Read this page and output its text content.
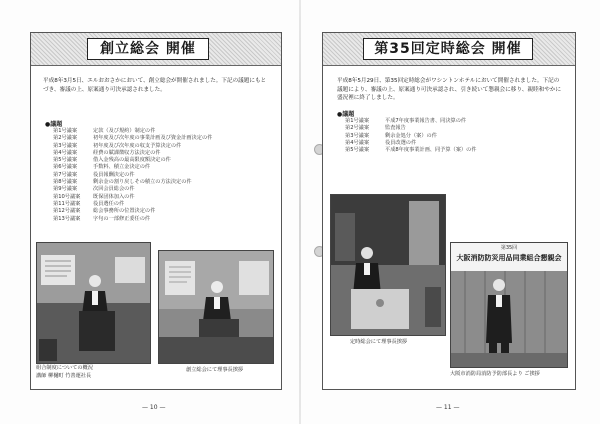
創立総会 開催
平成8年3月5日、エルおおさかにおいて、創立総会が開催されました。下記の議題にもとづき、審議の上、原案通り可決承認されました。
●議題
第1号議案	定款（及び規約）制定の件
第2号議案	初年度及び次年度の事業計画及び資金計画決定の件
第3号議案	初年度及び次年度の収支予算決定の件
第4号議案	経費の賦課徴収方法決定の件
第5号議案	借入金残高の最高限度額決定の件
第6号議案	手数料、積立金決定の件
第7号議案	役員報酬決定の件
第8号議案	剰余金の割り戻しその積立の方法決定の件
第9号議案	次回会員総会の件
第10号議案 既保団体加入の件
第11号議案 役員選任の件
第12号議案 総会事務所の位置決定の件
第13号議案 字句の一部修正委任の件
組合制度についての概況
講師 柳樋町 竹善運社長
創立総会にて理事長挨拶
— 10 —
第35回定時総会 開催
平成8年5月29日、第35回定時総会がワシントンホテルにおいて開催されました。下記の議題により、審議の上、原案通り可決承認され、引き続いて懇親会に移り、親睦和やかに盛況裡に終了しました。
●議題
第1号議案	平成7年度事業報告書、同決算の件
第2号議案	監査報告
第3号議案	剰余金処分（案）の件
第4号議案	役員改選の件
第5号議案	平成8年度事業計画、同予算（案）の件
定時総会にて理事長挨拶
第35回
大阪消防防災用品同業組合懇親会
大阪市消防局消防予防部長より ご挨拶
— 11 —
